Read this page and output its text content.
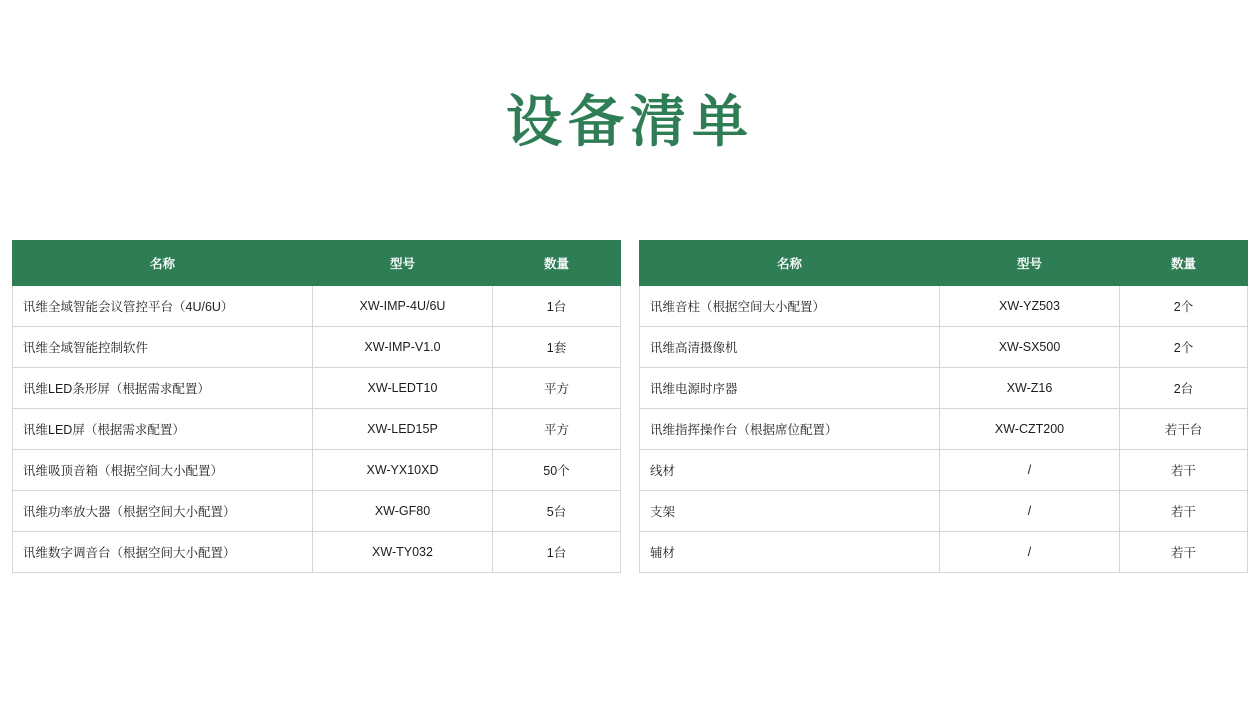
设备清单
名称	型号	数量
讯维全域智能会议管控平台（4U/6U）	XW-IMP-4U/6U	1台
讯维全域智能控制软件	XW-IMP-V1.0	1套
讯维LED条形屏（根据需求配置）	XW-LEDT10	平方
讯维LED屏（根据需求配置）	XW-LED15P	平方
讯维吸顶音箱（根据空间大小配置）	XW-YX10XD	50个
讯维功率放大器（根据空间大小配置）	XW-GF80	5台
讯维数字调音台（根据空间大小配置）	XW-TY032	1台
名称	型号	数量
讯维音柱（根据空间大小配置）	XW-YZ503	2个
讯维高清摄像机	XW-SX500	2个
讯维电源时序器	XW-Z16	2台
讯维指挥操作台（根据席位配置）	XW-CZT200	若干台
线材	/	若干
支架	/	若干
辅材	/	若干
